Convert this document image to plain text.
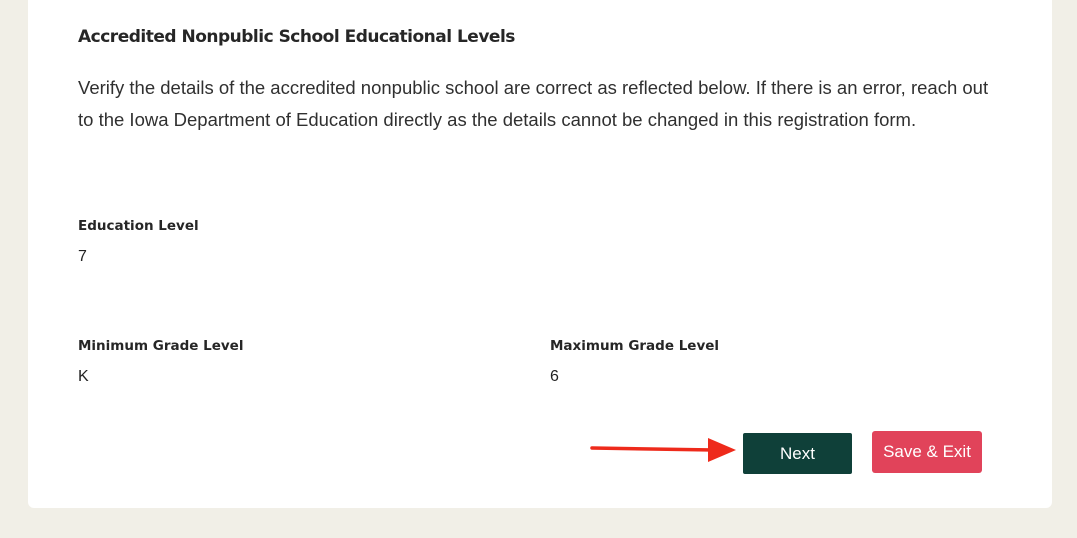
Accredited Nonpublic School Educational Levels

Verify the details of the accredited nonpublic school are correct as reflected below. If there is an error, reach out to the Iowa Department of Education directly as the details cannot be changed in this registration form.

Education Level
7
Minimum Grade Level
K
Maximum Grade Level
6
Next	Save & Exit
